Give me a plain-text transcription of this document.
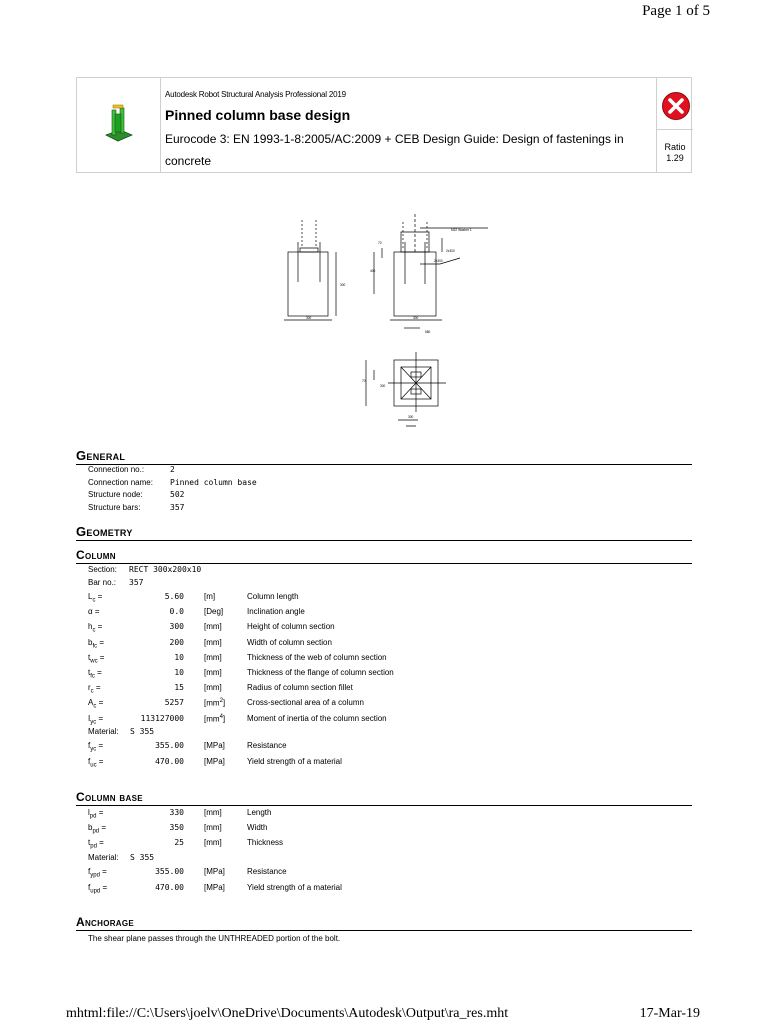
Page 1 of 5
Autodesk Robot Structural Analysis Professional 2019
Pinned column base design
Eurocode 3: EN 1993-1-8:2005/AC:2009 + CEB Design Guide: Design of fastenings in concrete
Ratio
1.29
M22 Washer 1
2x300
2x300
300
400
300
300
70
580
70
300
300
General
Connection no.:	2
Connection name: Pinned column base
Structure node:	502
Structure bars:	357
Geometry
Column
Section: RECT 300x200x10
Bar no.: 357
$L_c$ =	5.60	[m]	Column length
α =	0.0	[Deg]	Inclination angle
$h_c$ =	300	[mm]	Height of column section
$b_{fc}$ =	200	[mm]	Width of column section
$t_{wc}$ =	10	[mm]	Thickness of the web of column section
$t_{fc}$ =	10	[mm]	Thickness of the flange of column section
$r_c$ =	15	[mm]	Radius of column section fillet
$A_c$ =	5257	$[mm^2]$	Cross-sectional area of a column
$I_{yc}$ =	113127000	$[mm^4]$	Moment of inertia of the column section
Material: S 355
$f_{yc}$ =	355.00	[MPa]	Resistance
$f_{uc}$ =	470.00	[MPa]	Yield strength of a material
Column base
$l_{pd}$ =	330	[mm]	Length
$b_{pd}$ =	350	[mm]	Width
$t_{pd}$ =	25	[mm]	Thickness
Material: S 355
$f_{ypd}$ =	355.00	[MPa]	Resistance
$f_{upd}$ =	470.00	[MPa]	Yield strength of a material
Anchorage
The shear plane passes through the UNTHREADED portion of the bolt.
mhtml:file://C:\Users\joelv\OneDrive\Documents\Autodesk\Output\ra_res.mht	17-Mar-19
